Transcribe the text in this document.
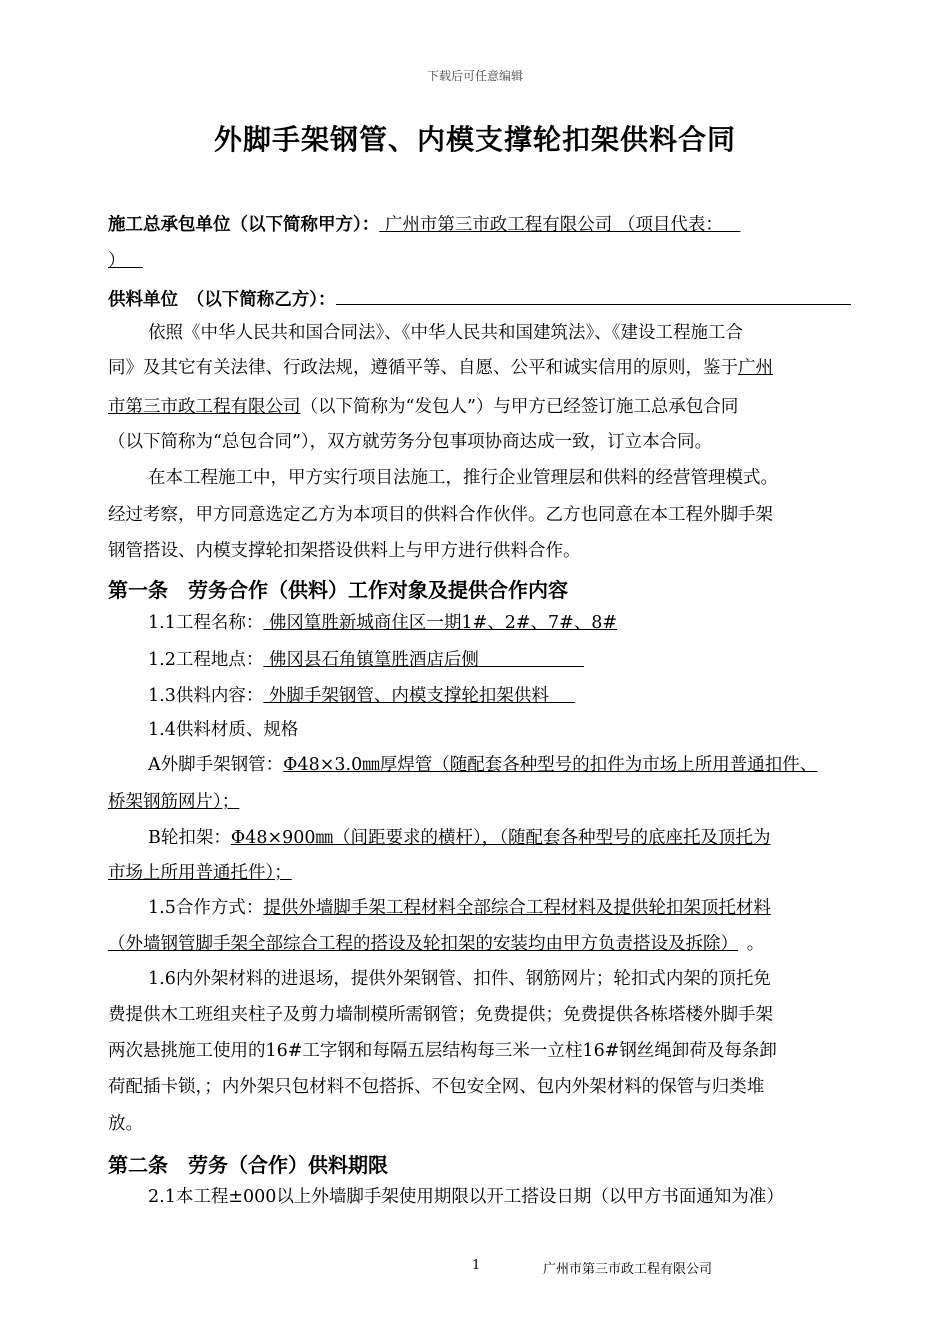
下载后可任意编辑
外脚手架钢管、内模支撑轮扣架供料合同
施工总承包单位（以下简称甲方）： 广州市第三市政工程有限公司 （项目代表： 
） 
供料单位　（以下简称乙方）：
依照《中华人民共和国合同法》、《中华人民共和国建筑法》、《建设工程施工合
同》及其它有关法律、行政法规，遵循平等、自愿、公平和诚实信用的原则，鉴于广州
市第三市政工程有限公司（以下简称为“发包人”）与甲方已经签订施工总承包合同
（以下简称为“总包合同”），双方就劳务分包事项协商达成一致，订立本合同。
在本工程施工中，甲方实行项目法施工，推行企业管理层和供料的经营管理模式。
经过考察，甲方同意选定乙方为本项目的供料合作伙伴。乙方也同意在本工程外脚手架
钢管搭设、内模支撑轮扣架搭设供料上与甲方进行供料合作。
第一条　劳务合作（供料）工作对象及提供合作内容
1.1工程名称： 佛冈篁胜新城商住区一期1#、2#、7#、8#
1.2工程地点： 佛冈县石角镇篁胜酒店后侧      
1.3供料内容： 外脚手架钢管、内模支撑轮扣架供料  
1.4供料材质、规格
A外脚手架钢管：Φ48×3.0㎜厚焊管（随配套各种型号的扣件为市场上所用普通扣件、
桥架钢筋网片）；
B轮扣架：Φ48×900㎜（间距要求的横杆），（随配套各种型号的底座托及顶托为
市场上所用普通托件）；
1.5合作方式：提供外墙脚手架工程材料全部综合工程材料及提供轮扣架顶托材料
（外墙钢管脚手架全部综合工程的搭设及轮扣架的安装均由甲方负责搭设及拆除）  。
1.6内外架材料的进退场，提供外架钢管、扣件、钢筋网片；轮扣式内架的顶托免
费提供木工班组夹柱子及剪力墙制模所需钢管；免费提供；免费提供各栋塔楼外脚手架
两次悬挑施工使用的16#工字钢和每隔五层结构每三米一立柱16#钢丝绳卸荷及每条卸
荷配插卡锁，；内外架只包材料不包搭拆、不包安全网、包内外架材料的保管与归类堆
放。
第二条　劳务（合作）供料期限
2.1本工程±000以上外墙脚手架使用期限以开工搭设日期（以甲方书面通知为准）
1	广州市第三市政工程有限公司
